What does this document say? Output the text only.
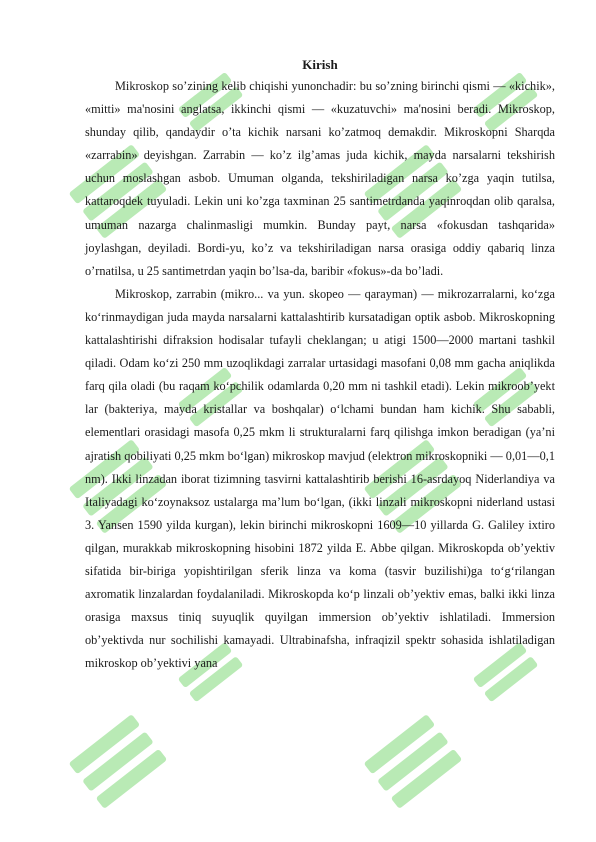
Kirish

Mikroskop so’zining kelib chiqishi yunonchadir: bu so’zning birinchi qismi — «kichik», «mitti» ma'nosini anglatsa, ikkinchi qismi — «kuzatuvchi» ma'nosini beradi. Mikroskop, shunday qilib, qandaydir o’ta kichik narsani ko’zatmoq demakdir. Mikroskopni Sharqda «zarrabin» deyishgan. Zarrabin — ko’z ilg’amas juda kichik, mayda narsalarni tekshirish uchun moslashgan asbob. Umuman olganda, tekshiriladigan narsa ko’zga yaqin tutilsa, kattaroqdek tuyuladi. Lekin uni ko’zga taxminan 25 santimetrdanda yaqinroqdan olib qaralsa, umuman nazarga chalinmasligi mumkin. Bunday payt, narsa «fokusdan tashqarida» joylashgan, deyiladi. Bordi-yu, ko’z va tekshiriladigan narsa orasiga oddiy qabariq linza o’rnatilsa, u 25 santimetrdan yaqin bo’lsa-da, baribir «fokus»-da bo’ladi.

Mikroskop, zarrabin (mikro... va yun. skopeo — qarayman) — mikrozarralarni, ko‘zga ko‘rinmaydigan juda mayda narsalarni kattalashtirib kursatadigan optik asbob. Mikroskopning kattalashtirishi difraksion hodisalar tufayli cheklangan; u atigi 1500—2000 martani tashkil qiladi. Odam ko‘zi 250 mm uzoqlikdagi zarralar urtasidagi masofani 0,08 mm gacha aniqlikda farq qila oladi (bu raqam ko‘pchilik odamlarda 0,20 mm ni tashkil etadi). Lekin mikroob’yekt lar (bakteriya, mayda kristallar va boshqalar) o‘lchami bundan ham kichik. Shu sababli, elementlari orasidagi masofa 0,25 mkm li strukturalarni farq qilishga imkon beradigan (ya’ni ajratish qobiliyati 0,25 mkm bo‘lgan) mikroskop mavjud (elektron mikroskopniki — 0,01—0,1 nm). Ikki linzadan iborat tizimning tasvirni kattalashtirib berishi 16-asrdayoq Niderlandiya va Italiyadagi ko‘zoynaksoz ustalarga ma’lum bo‘lgan, (ikki linzali mikroskopni niderland ustasi 3. Yansen 1590 yilda kurgan), lekin birinchi mikroskopni 1609—10 yillarda G. Galiley ixtiro qilgan, murakkab mikroskopning hisobini 1872 yilda E. Abbe qilgan. Mikroskopda ob’yektiv sifatida bir-biriga yopishtirilgan sferik linza va koma (tasvir buzilishi)ga to‘g‘rilangan axromatik linzalardan foydalaniladi. Mikroskopda ko‘p linzali ob’yektiv emas, balki ikki linza orasiga maxsus tiniq suyuqlik quyilgan immersion ob’yektiv ishlatiladi. Immersion ob’yektivda nur sochilishi kamayadi. Ultrabinafsha, infraqizil spektr sohasida ishlatiladigan mikroskop ob’yektivi yana
